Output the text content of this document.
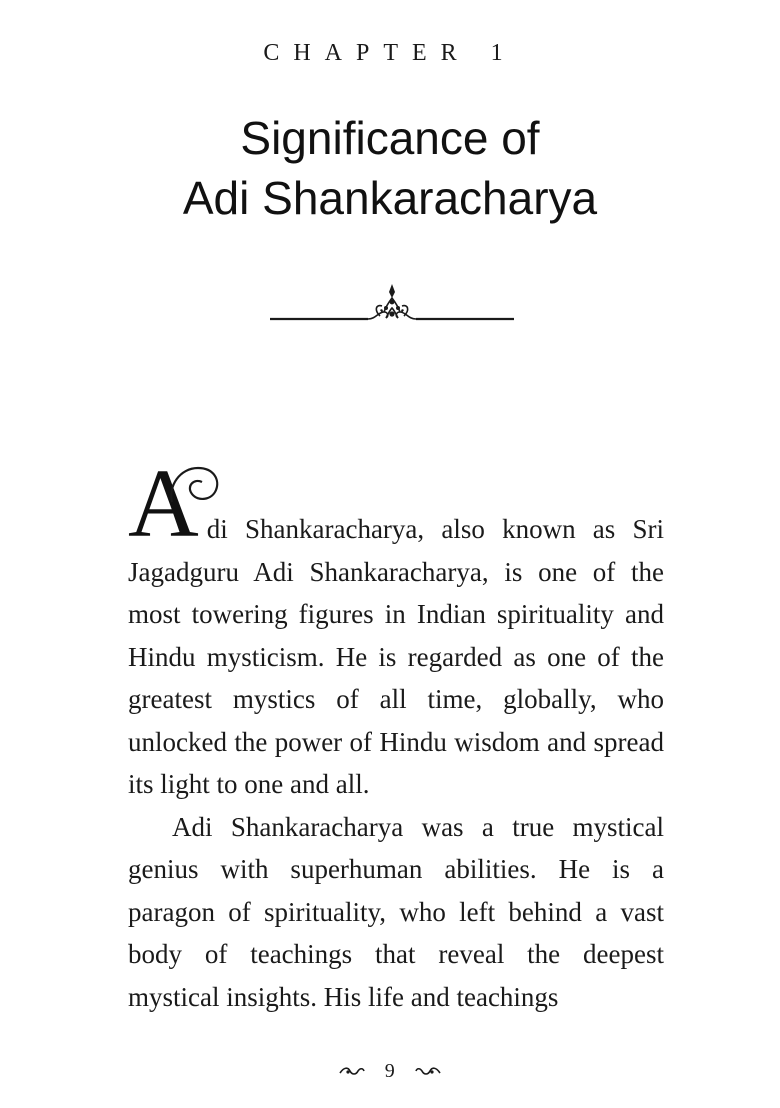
CHAPTER 1
Significance of
Adi Shankaracharya

Adi Shankaracharya, also known as Sri Jagadguru Adi Shankaracharya, is one of the most towering figures in Indian spirituality and Hindu mysticism. He is regarded as one of the greatest mystics of all time, globally, who unlocked the power of Hindu wisdom and spread its light to one and all.

Adi Shankaracharya was a true mystical genius with superhuman abilities. He is a paragon of spirituality, who left behind a vast body of teachings that reveal the deepest mystical insights. His life and teachings

9
